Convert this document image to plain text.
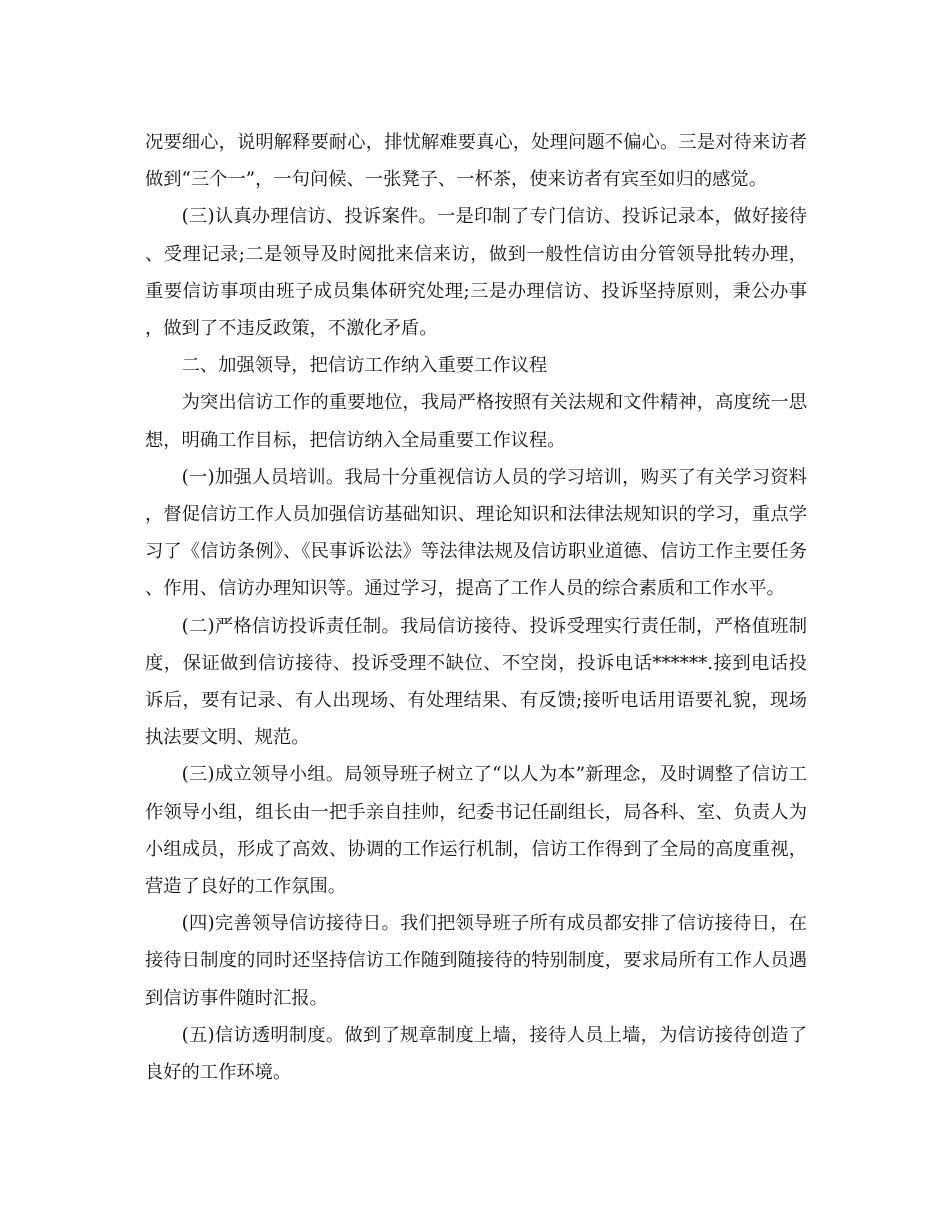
况要细心，说明解释要耐心，排忧解难要真心，处理问题不偏心。三是对待来访者做到“三个一”，一句问候、一张凳子、一杯茶，使来访者有宾至如归的感觉。

(三)认真办理信访、投诉案件。一是印制了专门信访、投诉记录本，做好接待、受理记录;二是领导及时阅批来信来访，做到一般性信访由分管领导批转办理，重要信访事项由班子成员集体研究处理;三是办理信访、投诉坚持原则，秉公办事，做到了不违反政策，不激化矛盾。

二、加强领导，把信访工作纳入重要工作议程

为突出信访工作的重要地位，我局严格按照有关法规和文件精神，高度统一思想，明确工作目标，把信访纳入全局重要工作议程。

(一)加强人员培训。我局十分重视信访人员的学习培训，购买了有关学习资料，督促信访工作人员加强信访基础知识、理论知识和法律法规知识的学习，重点学习了《信访条例》、《民事诉讼法》等法律法规及信访职业道德、信访工作主要任务、作用、信访办理知识等。通过学习，提高了工作人员的综合素质和工作水平。

(二)严格信访投诉责任制。我局信访接待、投诉受理实行责任制，严格值班制度，保证做到信访接待、投诉受理不缺位、不空岗，投诉电话******.接到电话投诉后，要有记录、有人出现场、有处理结果、有反馈;接听电话用语要礼貌，现场执法要文明、规范。

(三)成立领导小组。局领导班子树立了“以人为本”新理念，及时调整了信访工作领导小组，组长由一把手亲自挂帅，纪委书记任副组长，局各科、室、负责人为小组成员，形成了高效、协调的工作运行机制，信访工作得到了全局的高度重视，营造了良好的工作氛围。

(四)完善领导信访接待日。我们把领导班子所有成员都安排了信访接待日，在接待日制度的同时还坚持信访工作随到随接待的特别制度，要求局所有工作人员遇到信访事件随时汇报。

(五)信访透明制度。做到了规章制度上墙，接待人员上墙，为信访接待创造了良好的工作环境。
